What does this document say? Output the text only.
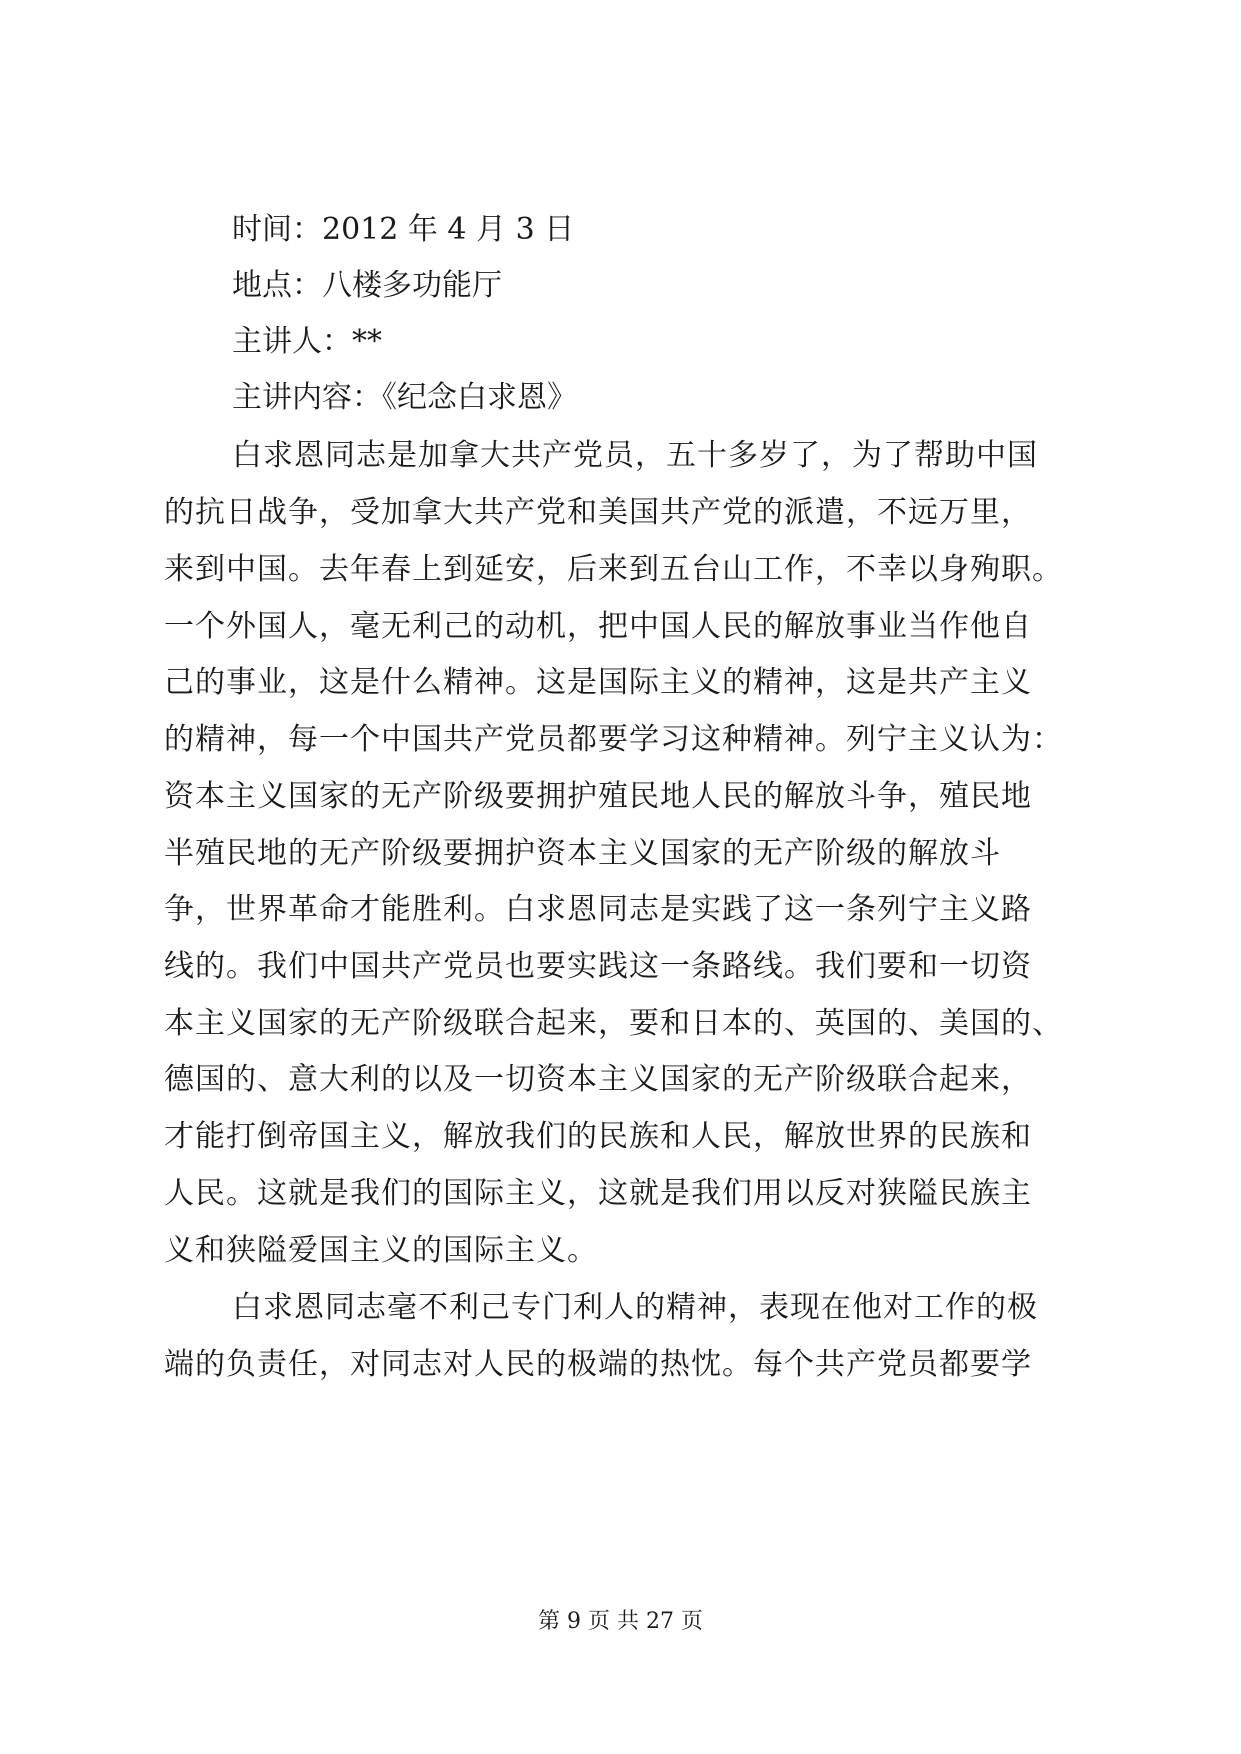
时间：2012 年 4 月 3 日
地点：八楼多功能厅
主讲人：**
主讲内容：《纪念白求恩》
白求恩同志是加拿大共产党员，五十多岁了，为了帮助中国
的抗日战争，受加拿大共产党和美国共产党的派遣，不远万里，
来到中国。去年春上到延安，后来到五台山工作，不幸以身殉职。
一个外国人，毫无利己的动机，把中国人民的解放事业当作他自
己的事业，这是什么精神。这是国际主义的精神，这是共产主义
的精神，每一个中国共产党员都要学习这种精神。列宁主义认为：
资本主义国家的无产阶级要拥护殖民地人民的解放斗争，殖民地
半殖民地的无产阶级要拥护资本主义国家的无产阶级的解放斗
争，世界革命才能胜利。白求恩同志是实践了这一条列宁主义路
线的。我们中国共产党员也要实践这一条路线。我们要和一切资
本主义国家的无产阶级联合起来，要和日本的、英国的、美国的、
德国的、意大利的以及一切资本主义国家的无产阶级联合起来，
才能打倒帝国主义，解放我们的民族和人民，解放世界的民族和
人民。这就是我们的国际主义，这就是我们用以反对狭隘民族主
义和狭隘爱国主义的国际主义。
白求恩同志毫不利己专门利人的精神，表现在他对工作的极
端的负责任，对同志对人民的极端的热忱。每个共产党员都要学
第 9 页 共 27 页
